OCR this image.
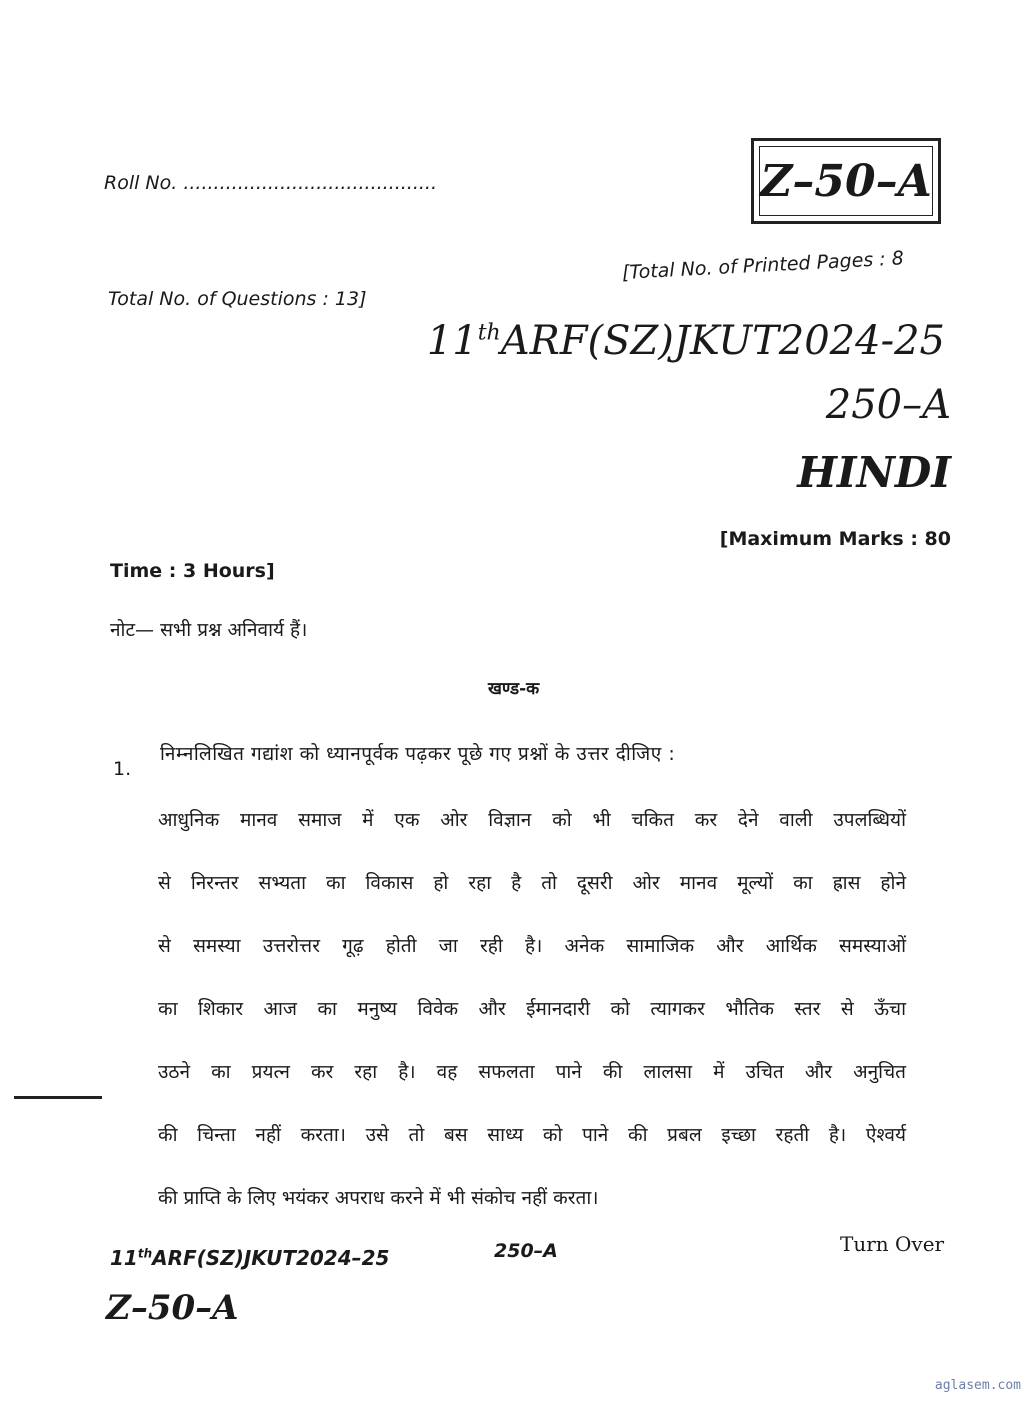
Roll No. ..........................................	Z–50–A
Total No. of Questions : 13]
[Total No. of Printed Pages : 8
11thARF(SZ)JKUT2024-25
250–A
HINDI
[Maximum Marks : 80
Time : 3 Hours]
नोट— सभी प्रश्न अनिवार्य हैं।
खण्ड-क
1.
निम्नलिखित गद्यांश को ध्यानपूर्वक पढ़कर पूछे गए प्रश्नों के उत्तर दीजिए :
आधुनिक मानव समाज में एक ओर विज्ञान को भी चकित कर देने वाली उपलब्धियों
से निरन्तर सभ्यता का विकास हो रहा है तो दूसरी ओर मानव मूल्यों का ह्रास होने
से समस्या उत्तरोत्तर गूढ़ होती जा रही है। अनेक सामाजिक और आर्थिक समस्याओं
का शिकार आज का मनुष्य विवेक और ईमानदारी को त्यागकर भौतिक स्तर से ऊँचा
उठने का प्रयत्न कर रहा है। वह सफलता पाने की लालसा में उचित और अनुचित
की चिन्ता नहीं करता। उसे तो बस साध्य को पाने की प्रबल इच्छा रहती है। ऐश्वर्य
की प्राप्ति के लिए भयंकर अपराध करने में भी संकोच नहीं करता।
11thARF(SZ)JKUT2024–25	250–A	Turn Over
Z–50–A
aglasem.com
